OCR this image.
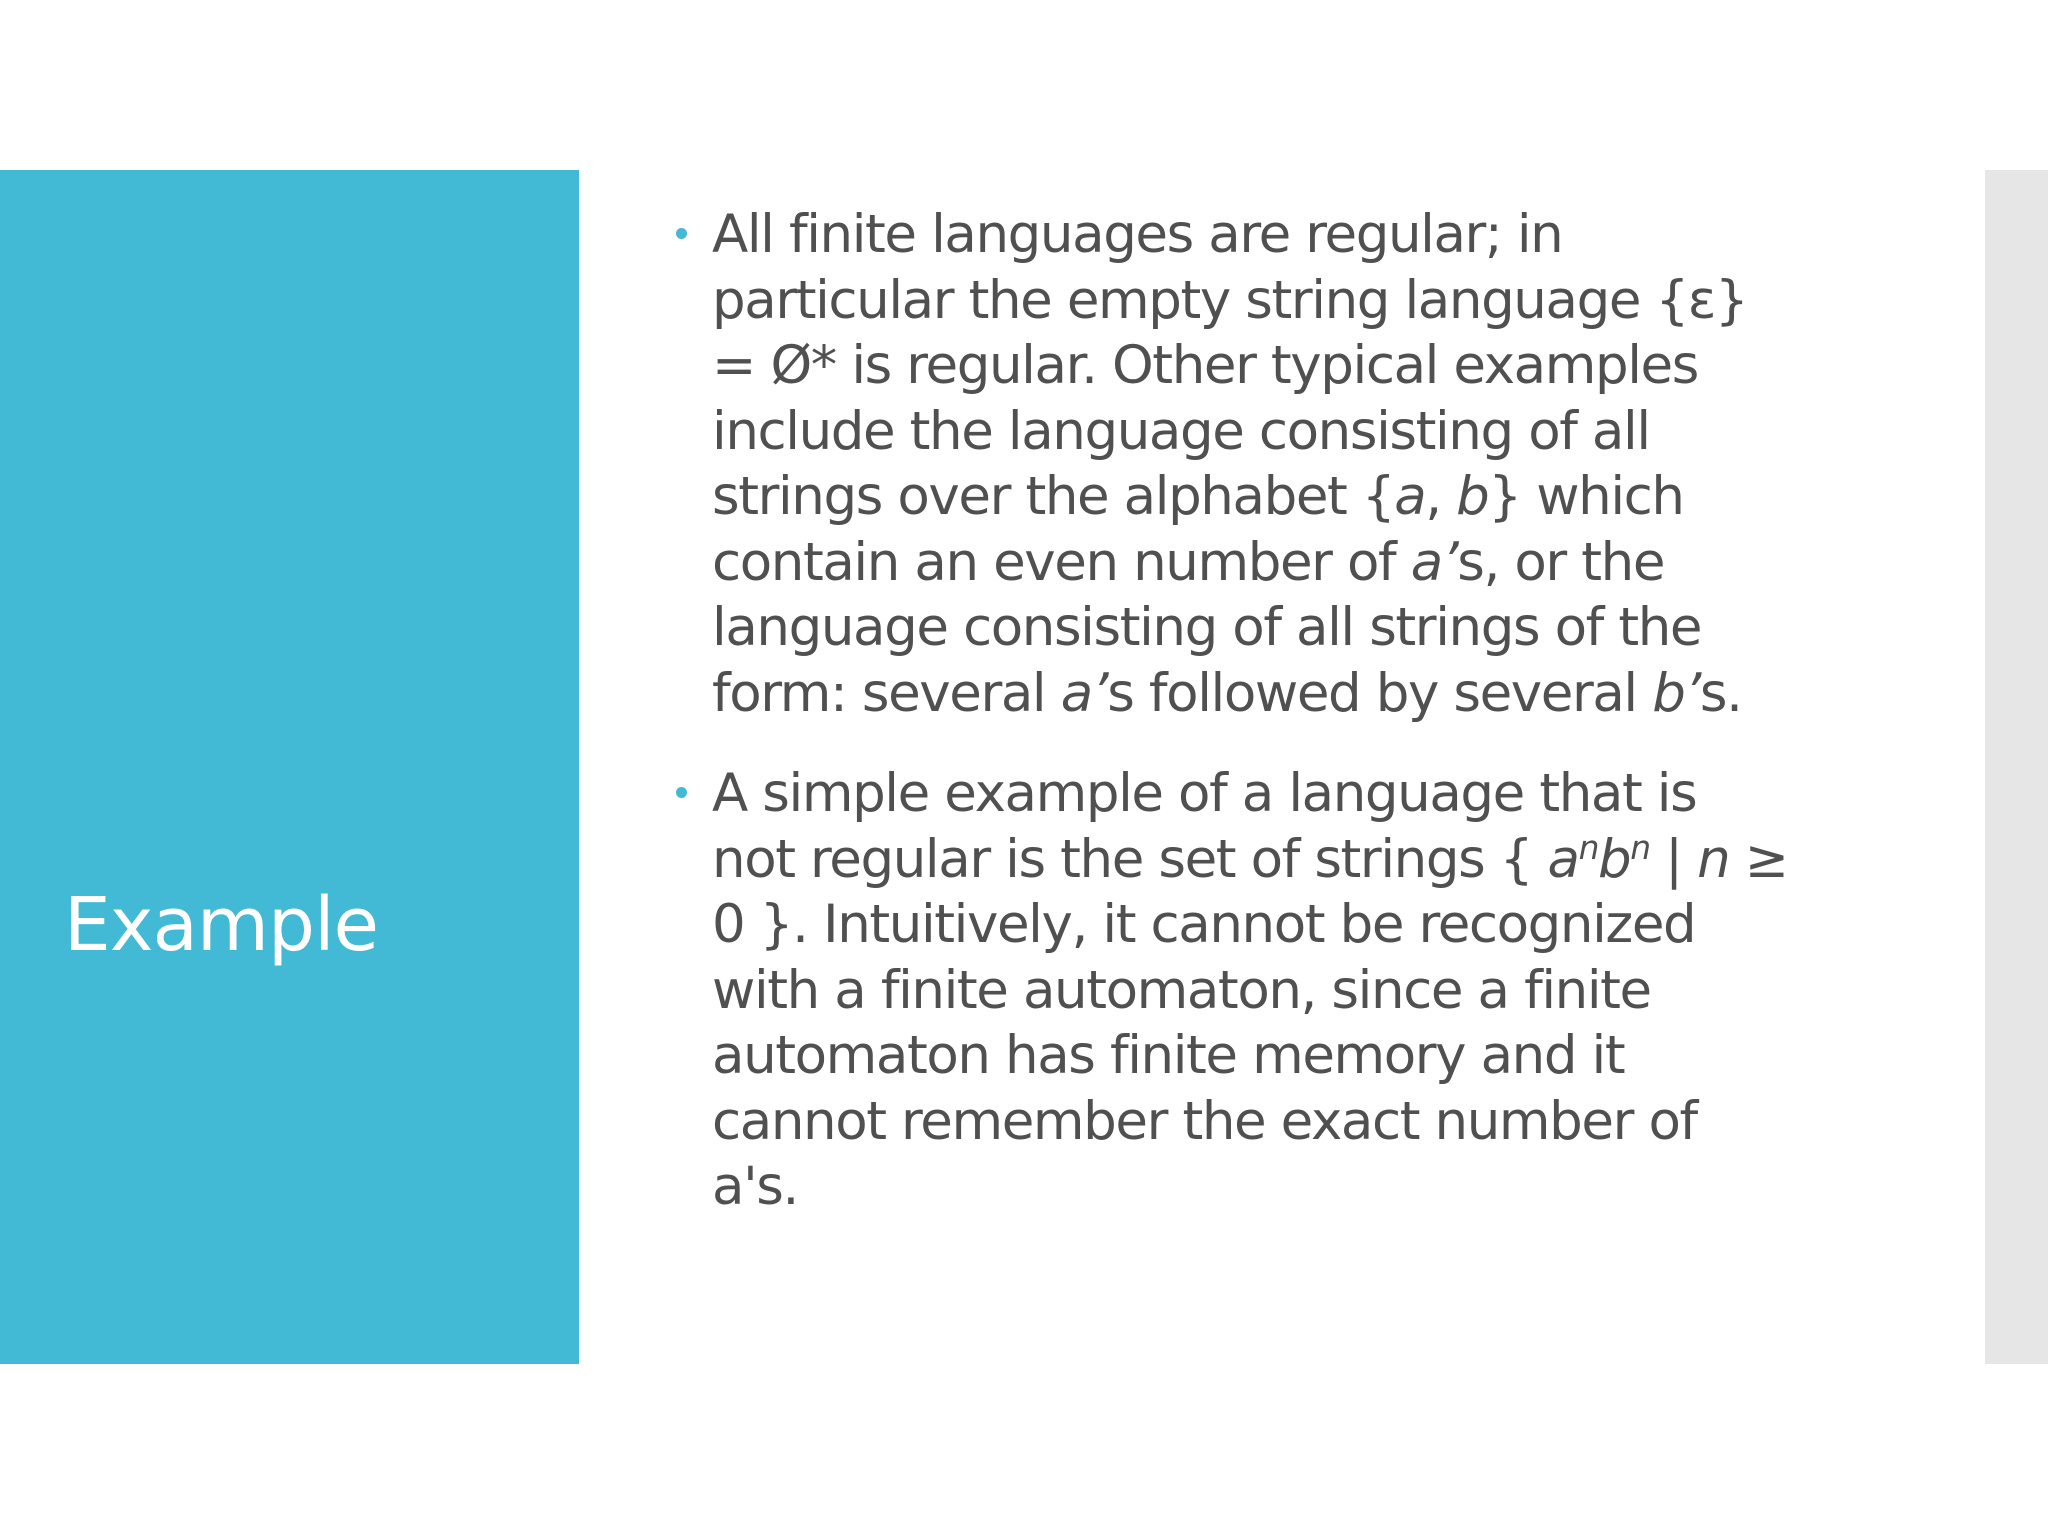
Example
All finite languages are regular; in
particular the empty string language {ε}
= Ø* is regular. Other typical examples
include the language consisting of all
strings over the alphabet {a, b} which
contain an even number of a’s, or the
language consisting of all strings of the
form: several a’s followed by several b’s.
A simple example of a language that is
not regular is the set of strings { $a^nb^n$ | n ≥
0 }. Intuitively, it cannot be recognized
with a finite automaton, since a finite
automaton has finite memory and it
cannot remember the exact number of
a's.
